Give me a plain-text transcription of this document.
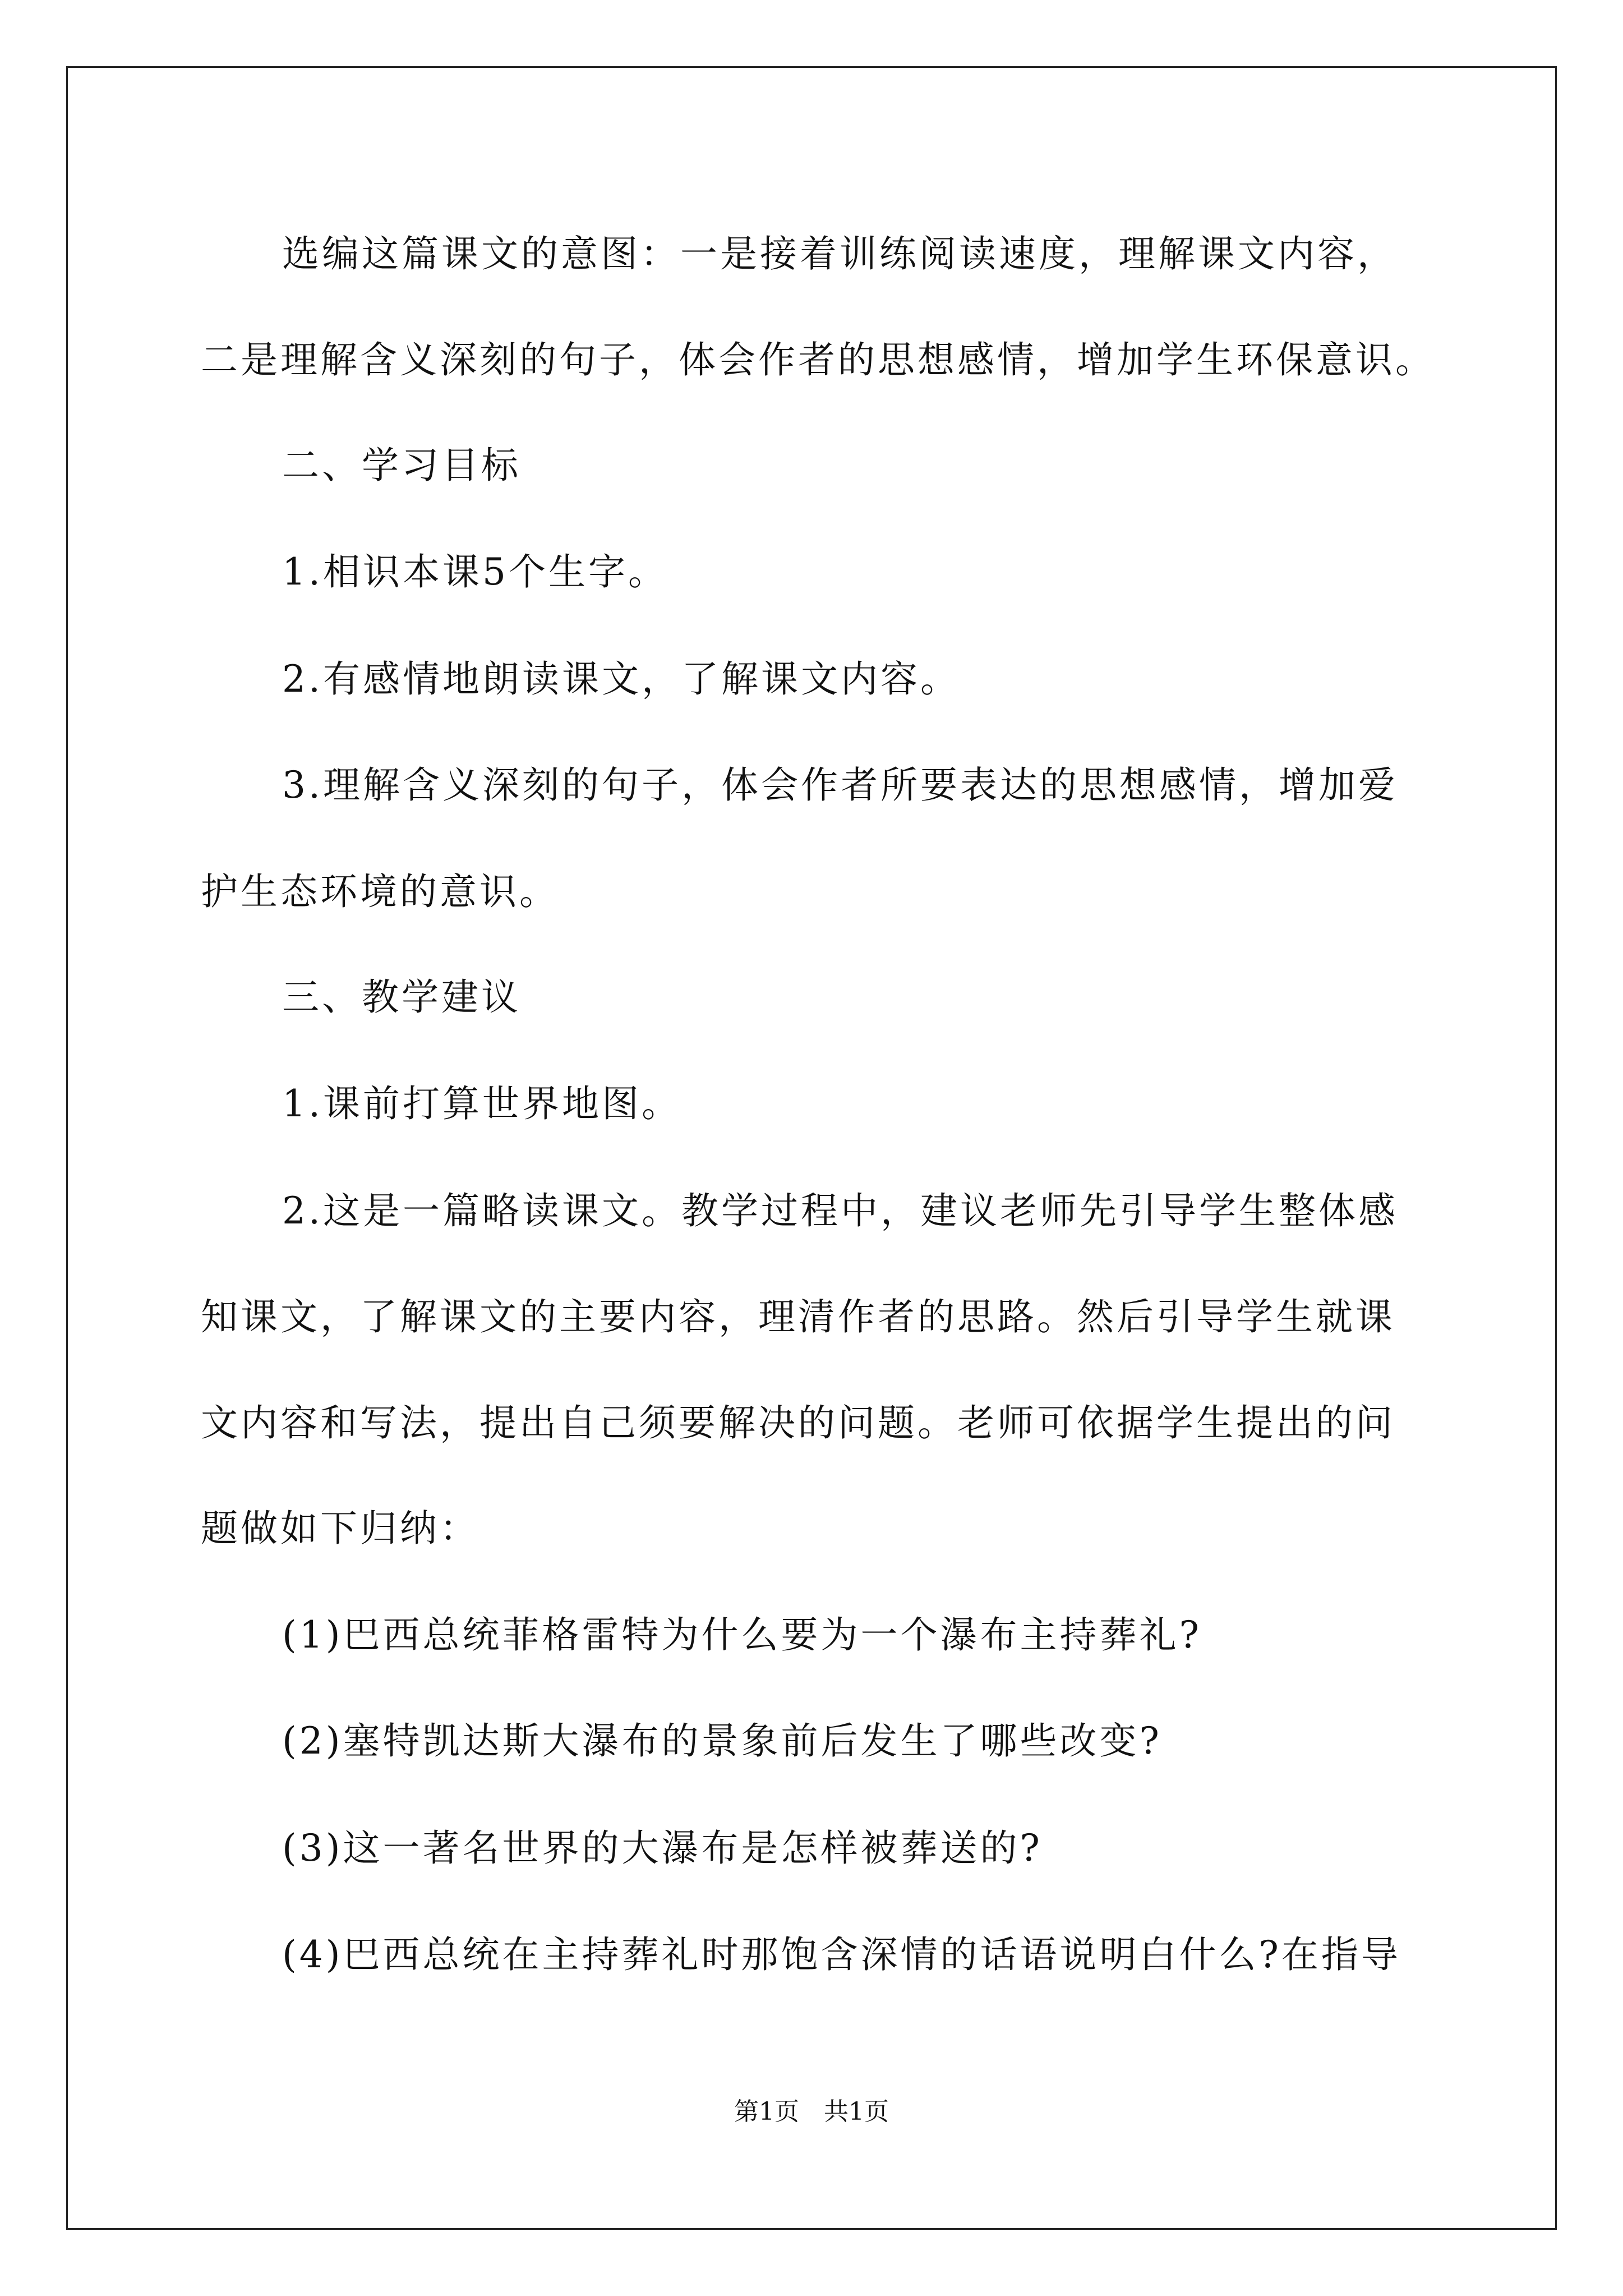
选编这篇课文的意图：一是接着训练阅读速度，理解课文内容，
二是理解含义深刻的句子，体会作者的思想感情，增加学生环保意识。
二、学习目标
1.相识本课5个生字。
2.有感情地朗读课文，了解课文内容。
3.理解含义深刻的句子，体会作者所要表达的思想感情，增加爱
护生态环境的意识。
三、教学建议
1.课前打算世界地图。
2.这是一篇略读课文。教学过程中，建议老师先引导学生整体感
知课文，了解课文的主要内容，理清作者的思路。然后引导学生就课
文内容和写法，提出自己须要解决的问题。老师可依据学生提出的问
题做如下归纳：
(1)巴西总统菲格雷特为什么要为一个瀑布主持葬礼?
(2)塞特凯达斯大瀑布的景象前后发生了哪些改变?
(3)这一著名世界的大瀑布是怎样被葬送的?
(4)巴西总统在主持葬礼时那饱含深情的话语说明白什么?在指导
第1页　共1页
